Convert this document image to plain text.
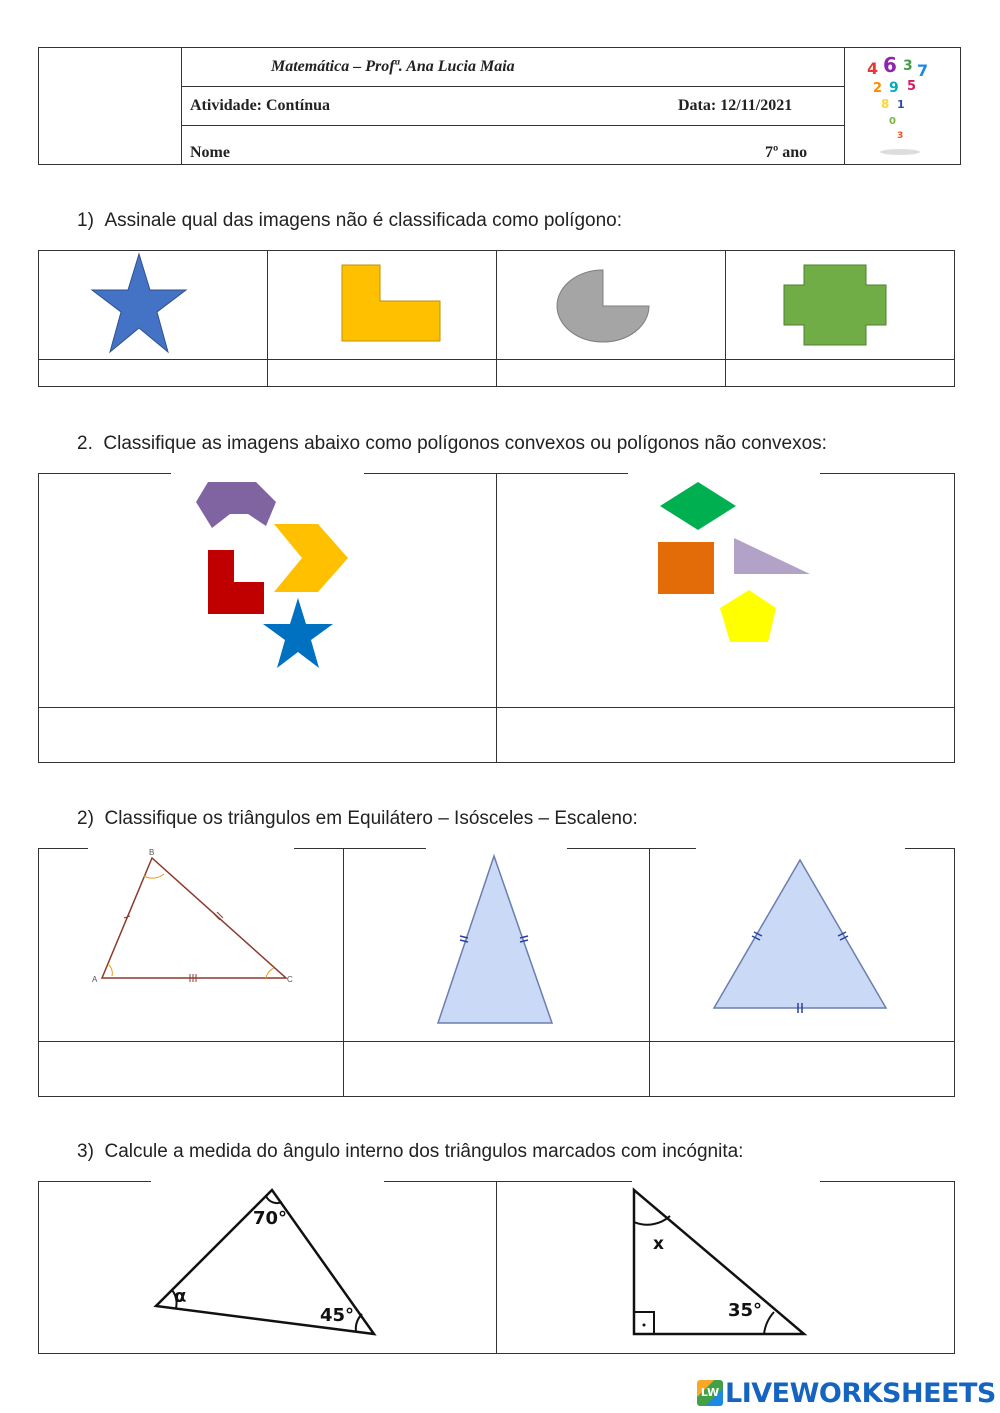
Matemática – Profª. Ana Lucia Maia
Atividade: Contínua	Data: 12/11/2021
Nome	7º ano
4 6 3 7
2 9 5
8 1
0
3
1) Assinale qual das imagens não é classificada como polígono:
2. Classifique as imagens abaixo como polígonos convexos ou polígonos não convexos:
2) Classifique os triângulos em Equilátero – Isósceles – Escaleno:
B
A	C
3) Calcule a medida do ângulo interno dos triângulos marcados com incógnita:
70°
α
45°
x
35°
LW LIVEWORKSHEETS
